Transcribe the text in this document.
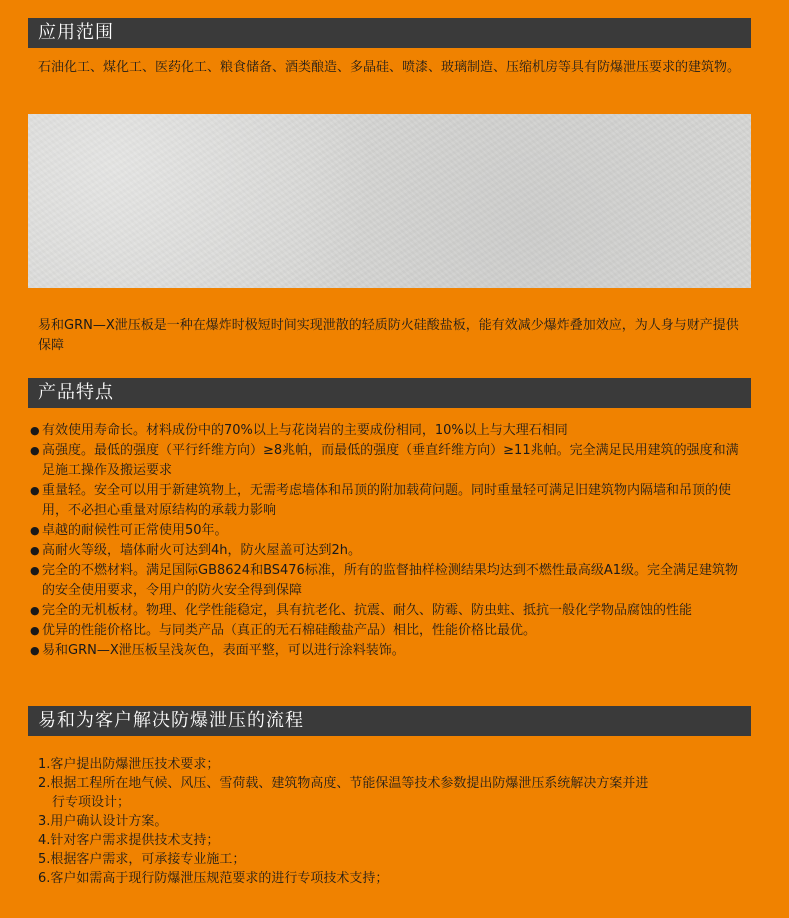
应用范围
石油化工、煤化工、医药化工、粮食储备、酒类酿造、多晶硅、喷漆、玻璃制造、压缩机房等具有防爆泄压要求的建筑物。
易和GRN—X泄压板是一种在爆炸时极短时间实现泄散的轻质防火硅酸盐板，能有效减少爆炸叠加效应，为人身与财产提供保障
产品特点
● 有效使用寿命长。材料成份中的70%以上与花岗岩的主要成份相同，10%以上与大理石相同
● 高强度。最低的强度（平行纤维方向）≥8兆帕，而最低的强度（垂直纤维方向）≥11兆帕。完全满足民用建筑的强度和满足施工操作及搬运要求
● 重量轻。安全可以用于新建筑物上，无需考虑墙体和吊顶的附加载荷问题。同时重量轻可满足旧建筑物内隔墙和吊顶的使用，不必担心重量对原结构的承载力影响
● 卓越的耐候性可正常使用50年。
● 高耐火等级，墙体耐火可达到4h，防火屋盖可达到2h。
● 完全的不燃材料。满足国际GB8624和BS476标准，所有的监督抽样检测结果均达到不燃性最高级A1级。完全满足建筑物的安全使用要求，令用户的防火安全得到保障
● 完全的无机板材。物理、化学性能稳定，具有抗老化、抗震、耐久、防霉、防虫蛀、抵抗一般化学物品腐蚀的性能
● 优异的性能价格比。与同类产品（真正的无石棉硅酸盐产品）相比，性能价格比最优。
● 易和GRN—X泄压板呈浅灰色，表面平整，可以进行涂料装饰。
易和为客户解决防爆泄压的流程
1.客户提出防爆泄压技术要求；
2.根据工程所在地气候、风压、雪荷载、建筑物高度、节能保温等技术参数提出防爆泄压系统解决方案并进
行专项设计；
3.用户确认设计方案。
4.针对客户需求提供技术支持；
5.根据客户需求，可承接专业施工；
6.客户如需高于现行防爆泄压规范要求的进行专项技术支持；
